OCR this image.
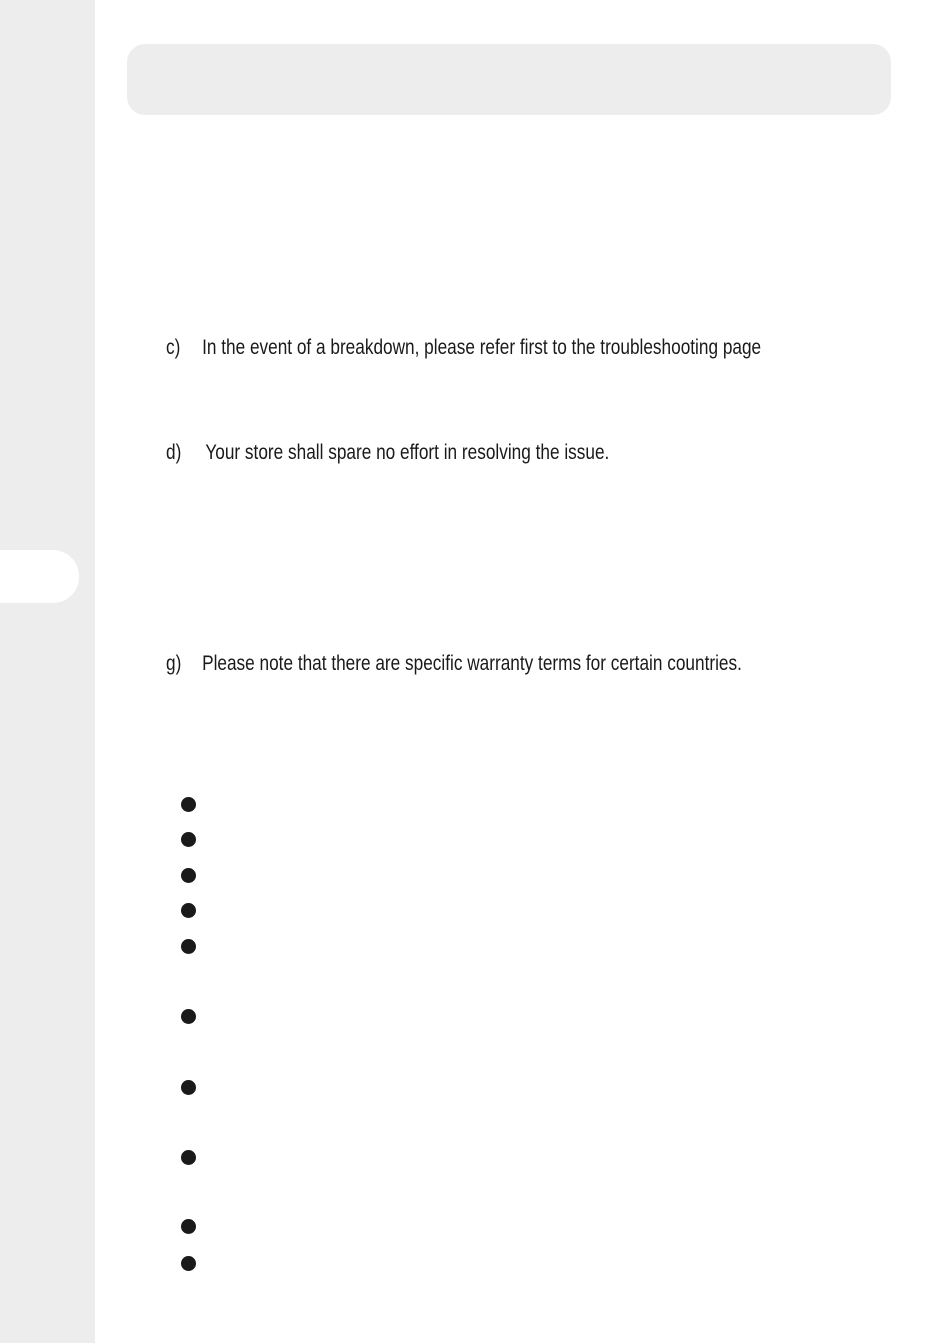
c) In the event of a breakdown, please refer first to the troubleshooting page
d) Your store shall spare no effort in resolving the issue.
g) Please note that there are specific warranty terms for certain countries.
